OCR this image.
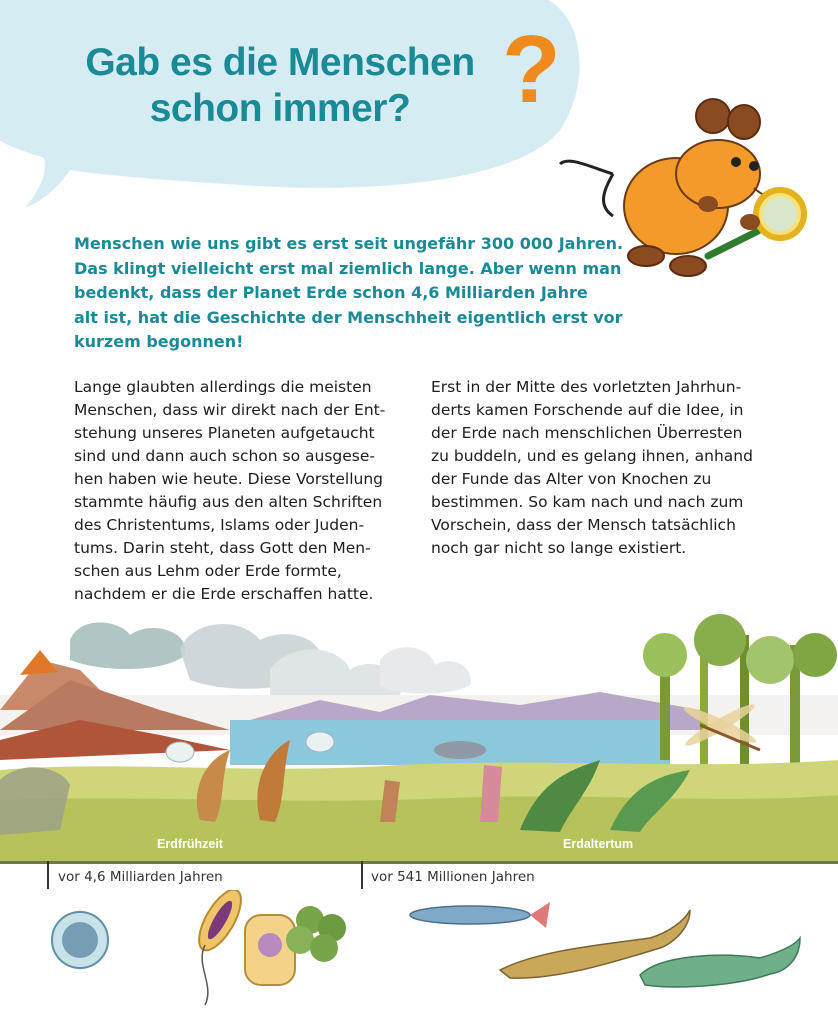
Gab es die Menschen
schon immer? ?

Menschen wie uns gibt es erst seit ungefähr 300 000 Jahren.
Das klingt vielleicht erst mal ziemlich lange. Aber wenn man
bedenkt, dass der Planet Erde schon 4,6 Milliarden Jahre
alt ist, hat die Geschichte der Menschheit eigentlich erst vor
kurzem begonnen!

Lange glaubten allerdings die meisten
Menschen, dass wir direkt nach der Ent-
stehung unseres Planeten aufgetaucht
sind und dann auch schon so ausgese-
hen haben wie heute. Diese Vorstellung
stammte häufig aus den alten Schriften
des Christentums, Islams oder Juden-
tums. Darin steht, dass Gott den Men-
schen aus Lehm oder Erde formte,
nachdem er die Erde erschaffen hatte.

Erst in der Mitte des vorletzten Jahrhun-
derts kamen Forschende auf die Idee, in
der Erde nach menschlichen Überresten
zu buddeln, und es gelang ihnen, anhand
der Funde das Alter von Knochen zu
bestimmen. So kam nach und nach zum
Vorschein, dass der Mensch tatsächlich
noch gar nicht so lange existiert.

Erdfrühzeit	Erdaltertum
vor 4,6 Milliarden Jahren	vor 541 Millionen Jahren
